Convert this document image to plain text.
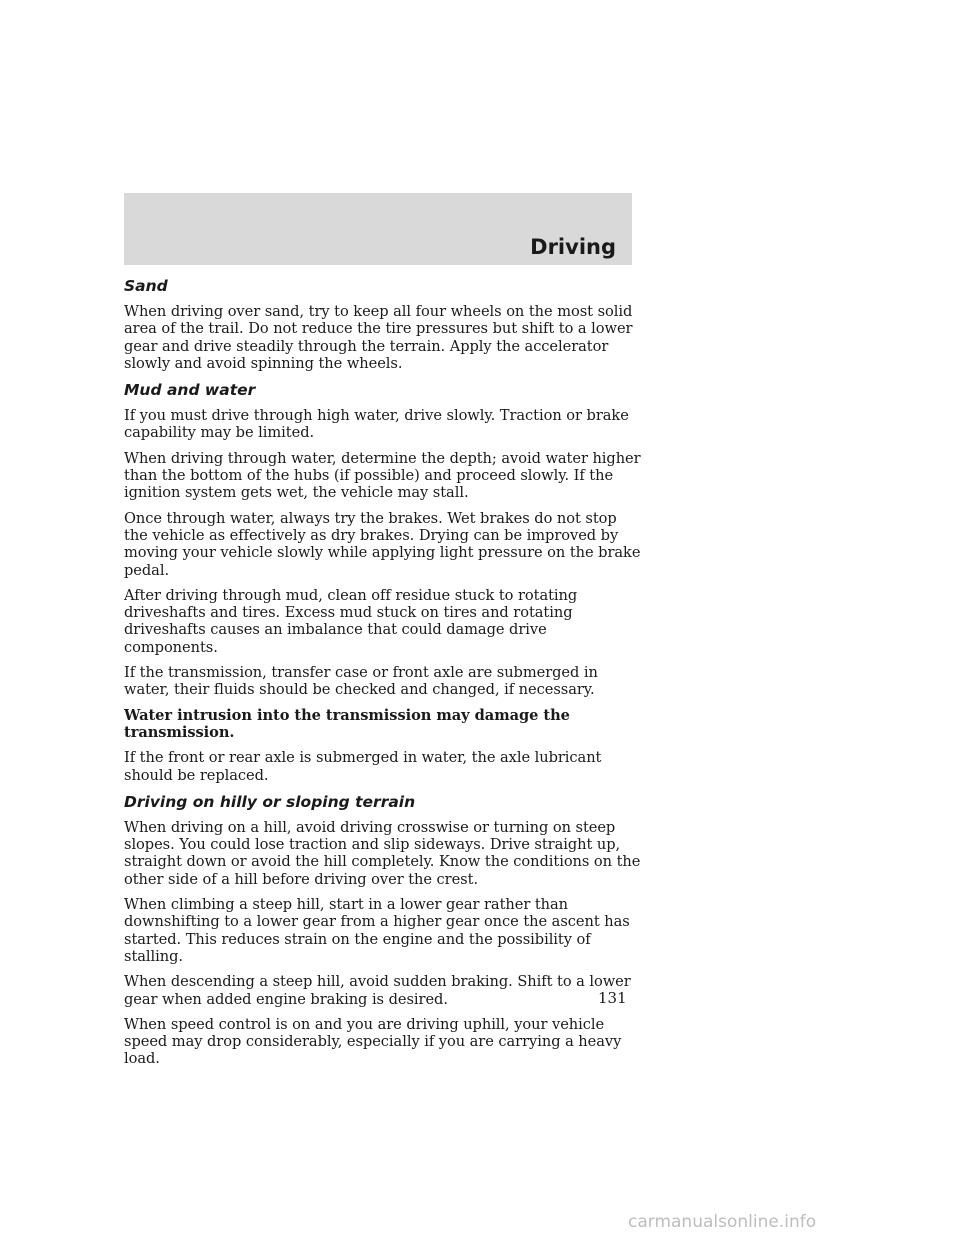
Driving
Sand

When driving over sand, try to keep all four wheels on the most solid area of the trail. Do not reduce the tire pressures but shift to a lower gear and drive steadily through the terrain. Apply the accelerator slowly and avoid spinning the wheels.

Mud and water

If you must drive through high water, drive slowly. Traction or brake capability may be limited.

When driving through water, determine the depth; avoid water higher than the bottom of the hubs (if possible) and proceed slowly. If the ignition system gets wet, the vehicle may stall.

Once through water, always try the brakes. Wet brakes do not stop the vehicle as effectively as dry brakes. Drying can be improved by moving your vehicle slowly while applying light pressure on the brake pedal.

After driving through mud, clean off residue stuck to rotating driveshafts and tires. Excess mud stuck on tires and rotating driveshafts causes an imbalance that could damage drive components.

If the transmission, transfer case or front axle are submerged in water, their fluids should be checked and changed, if necessary.

Water intrusion into the transmission may damage the transmission.

If the front or rear axle is submerged in water, the axle lubricant should be replaced.

Driving on hilly or sloping terrain

When driving on a hill, avoid driving crosswise or turning on steep slopes. You could lose traction and slip sideways. Drive straight up, straight down or avoid the hill completely. Know the conditions on the other side of a hill before driving over the crest.

When climbing a steep hill, start in a lower gear rather than downshifting to a lower gear from a higher gear once the ascent has started. This reduces strain on the engine and the possibility of stalling.

When descending a steep hill, avoid sudden braking. Shift to a lower gear when added engine braking is desired.

When speed control is on and you are driving uphill, your vehicle speed may drop considerably, especially if you are carrying a heavy load.

131
carmanualsonline.info
